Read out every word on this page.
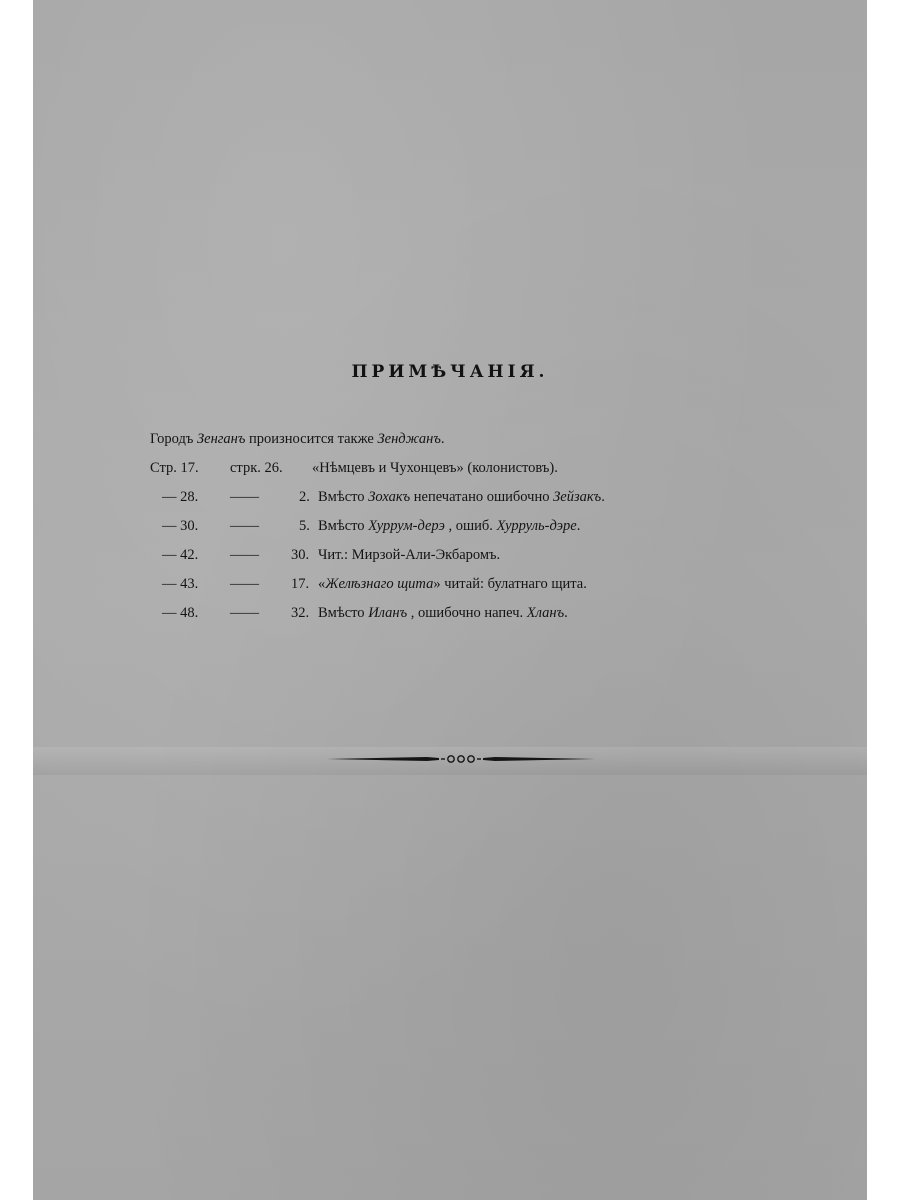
ПРИМѢЧАНІЯ.
Городъ Зенганъ произносится также Зенджанъ.
Стр. 17. стрк. 26. «Нѣмцевъ и Чухонцевъ» (колонистовъ).
— 28. ——	2. Вмѣсто Зохакъ непечатано ошибочно Зейзакъ.
— 30. ——	5. Вмѣсто Хуррум-дерэ , ошиб. Хурруль-дэре.
— 42. —— 30. Чит.: Мирзой-Али-Экбаромъ.
— 43. —— 17. «Желѣзнаго щита» читай: булатнаго щита.
— 48. —— 32. Вмѣсто Иланъ , ошибочно напеч. Хланъ.
